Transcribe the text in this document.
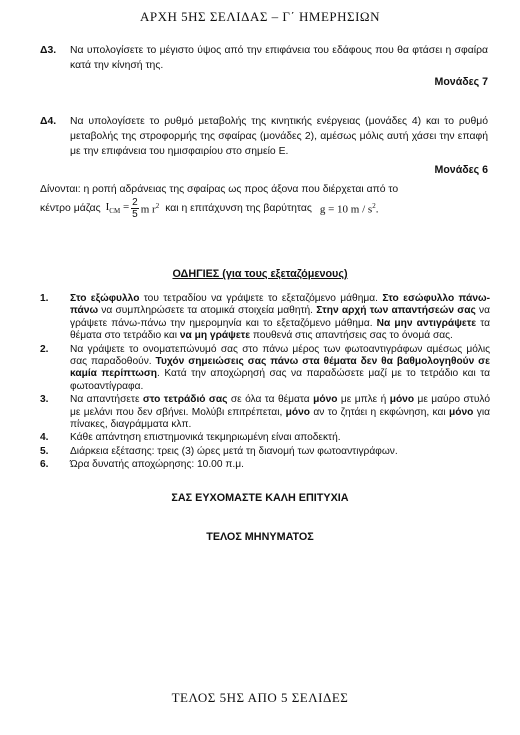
ΑΡΧΗ 5ΗΣ ΣΕΛΙΔΑΣ – Γ΄ ΗΜΕΡΗΣΙΩΝ
Δ3. Να υπολογίσετε το μέγιστο ύψος από την επιφάνεια του εδάφους που θα φτάσει η σφαίρα κατά την κίνησή της.
Μονάδες 7
Δ4. Να υπολογίσετε το ρυθμό μεταβολής της κινητικής ενέργειας (μονάδες 4) και το ρυθμό μεταβολής της στροφορμής της σφαίρας (μονάδες 2), αμέσως μόλις αυτή χάσει την επαφή με την επιφάνεια του ημισφαιρίου στο σημείο Ε.
Μονάδες 6
Δίνονται: η ροπή αδράνειας της σφαίρας ως προς άξονα που διέρχεται από το
κέντρο μάζας $I_{CM} = \frac{2}{5}$ m $r^2$ και η επιτάχυνση της βαρύτητας g = 10 m / $s^2$.
ΟΔΗΓΙΕΣ (για τους εξεταζόμενους)
1. Στο εξώφυλλο του τετραδίου να γράψετε το εξεταζόμενο μάθημα. Στο εσώφυλλο πάνω-πάνω να συμπληρώσετε τα ατομικά στοιχεία μαθητή. Στην αρχή των απαντήσεών σας να γράψετε πάνω-πάνω την ημερομηνία και το εξεταζόμενο μάθημα. Να μην αντιγράψετε τα θέματα στο τετράδιο και να μη γράψετε πουθενά στις απαντήσεις σας το όνομά σας.
2. Να γράψετε το ονοματεπώνυμό σας στο πάνω μέρος των φωτοαντιγράφων αμέσως μόλις σας παραδοθούν. Τυχόν σημειώσεις σας πάνω στα θέματα δεν θα βαθμολογηθούν σε καμία περίπτωση. Κατά την αποχώρησή σας να παραδώσετε μαζί με το τετράδιο και τα φωτοαντίγραφα.
3. Να απαντήσετε στο τετράδιό σας σε όλα τα θέματα μόνο με μπλε ή μόνο με μαύρο στυλό με μελάνι που δεν σβήνει. Μολύβι επιτρέπεται, μόνο αν το ζητάει η εκφώνηση, και μόνο για πίνακες, διαγράμματα κλπ.
4. Κάθε απάντηση επιστημονικά τεκμηριωμένη είναι αποδεκτή.
5. Διάρκεια εξέτασης: τρεις (3) ώρες μετά τη διανομή των φωτοαντιγράφων.
6. Ώρα δυνατής αποχώρησης: 10.00 π.μ.
ΣΑΣ ΕΥΧΟΜΑΣΤΕ ΚΑΛΗ ΕΠΙΤΥΧΙΑ
ΤΕΛΟΣ ΜΗΝΥΜΑΤΟΣ
ΤΕΛΟΣ 5ΗΣ ΑΠΟ 5 ΣΕΛΙΔΕΣ
